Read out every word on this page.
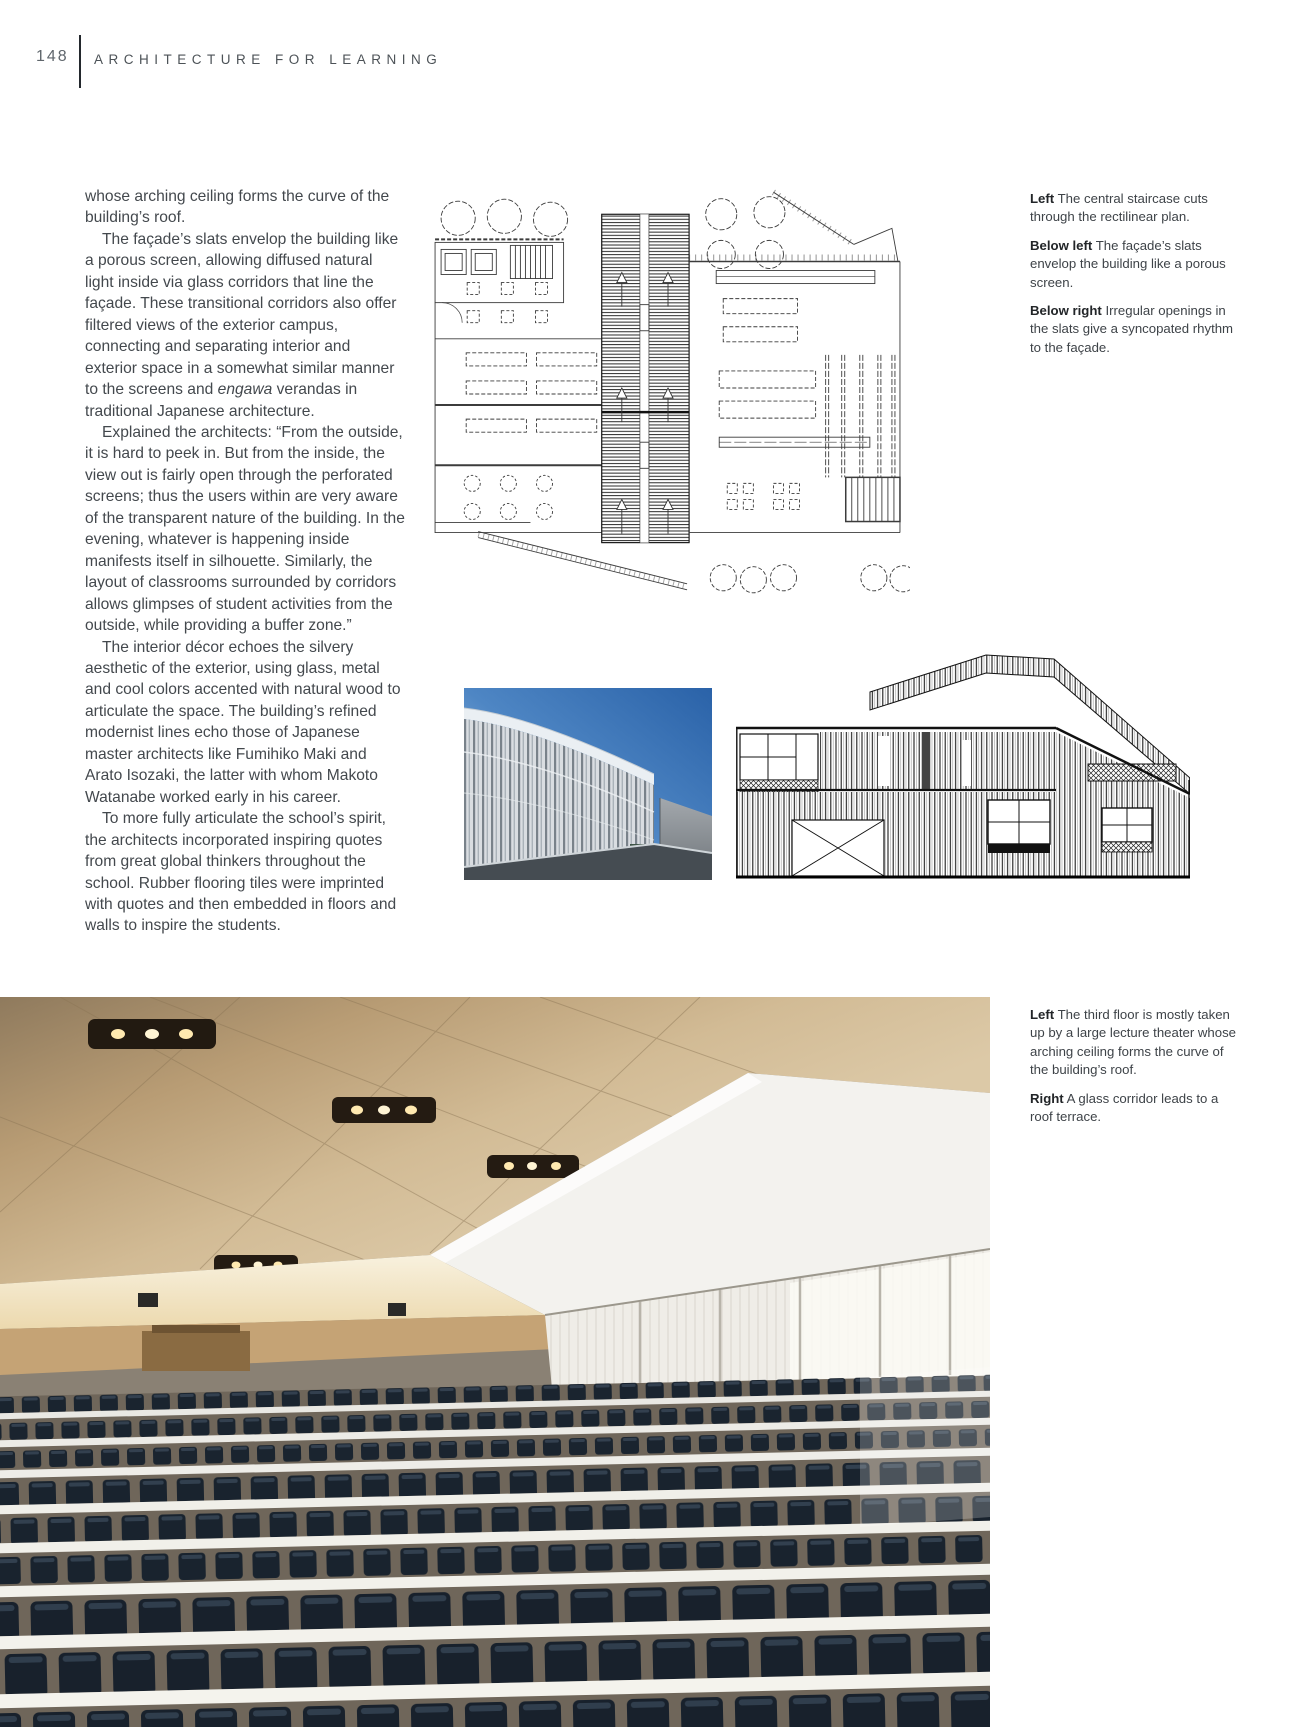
148 ARCHITECTURE FOR LEARNING

whose arching ceiling forms the curve of the building’s roof.

The façade’s slats envelop the building like a porous screen, allowing diffused natural light inside via glass corridors that line the façade. These transitional corridors also offer filtered views of the exterior campus, connecting and separating interior and exterior space in a somewhat similar manner to the screens and engawa verandas in traditional Japanese architecture.

Explained the architects: “From the outside, it is hard to peek in. But from the inside, the view out is fairly open through the perforated screens; thus the users within are very aware of the transparent nature of the building. In the evening, whatever is happening inside manifests itself in silhouette. Similarly, the layout of classrooms surrounded by corridors allows glimpses of student activities from the outside, while providing a buffer zone.”

The interior décor echoes the silvery aesthetic of the exterior, using glass, metal and cool colors accented with natural wood to articulate the space. The building’s refined modernist lines echo those of Japanese master architects like Fumihiko Maki and Arato Isozaki, the latter with whom Makoto Watanabe worked early in his career.

To more fully articulate the school’s spirit, the architects incorporated inspiring quotes from great global thinkers throughout the school. Rubber flooring tiles were imprinted with quotes and then embedded in floors and walls to inspire the students.

Left The central staircase cuts through the rectilinear plan.

Below left The façade’s slats envelop the building like a porous screen.

Below right Irregular openings in the slats give a syncopated rhythm to the façade.

Left The third floor is mostly taken up by a large lecture theater whose arching ceiling forms the curve of the building’s roof.

Right A glass corridor leads to a roof terrace.
